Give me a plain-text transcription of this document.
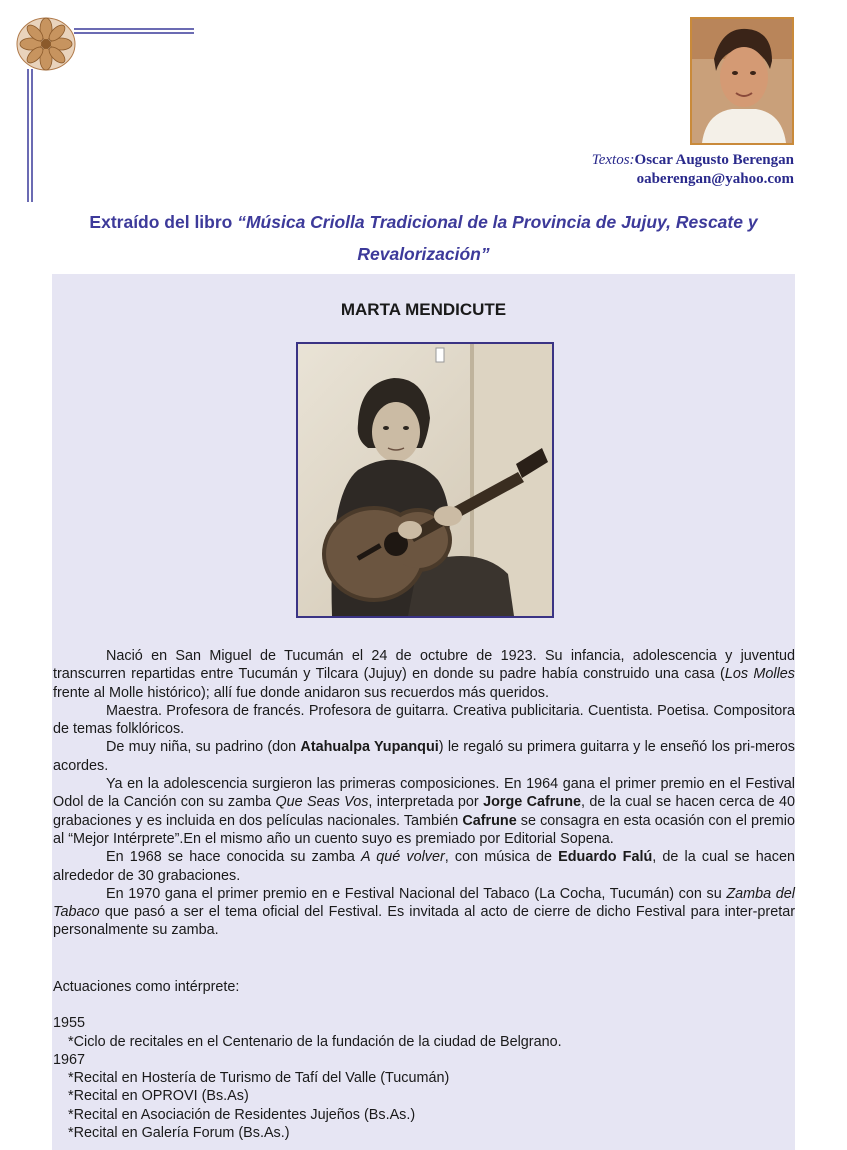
Textos:Oscar Augusto Berengan
oaberengan@yahoo.com
Extraído del libro “Música Criolla Tradicional de la Provincia de Jujuy, Rescate y Revalorización”
MARTA MENDICUTE

Nació en San Miguel de Tucumán el 24 de octubre de 1923. Su infancia, adolescencia y juventud transcurren repartidas entre Tucumán y Tilcara (Jujuy) en donde su padre había construido una casa (Los Molles frente al Molle histórico); allí fue donde anidaron sus recuerdos más queridos.

Maestra. Profesora de francés. Profesora de guitarra. Creativa publicitaria. Cuentista. Poetisa. Compositora de temas folklóricos.

De muy niña, su padrino (don Atahualpa Yupanqui) le regaló su primera guitarra y le enseñó los pri-meros acordes.

Ya en la adolescencia surgieron las primeras composiciones. En 1964 gana el primer premio en el Festival Odol de la Canción con su zamba Que Seas Vos, interpretada por Jorge Cafrune, de la cual se hacen cerca de 40 grabaciones y es incluida en dos películas nacionales. También Cafrune se consagra en esta ocasión con el premio al “Mejor Intérprete”.En el mismo año un cuento suyo es premiado por Editorial Sopena.

En 1968 se hace conocida su zamba A qué volver, con música de Eduardo Falú, de la cual se hacen alrededor de 30 grabaciones.

En 1970 gana el primer premio en e Festival Nacional del Tabaco (La Cocha, Tucumán) con su Zamba del Tabaco que pasó a ser el tema oficial del Festival. Es invitada al acto de cierre de dicho Festival para inter-pretar personalmente su zamba.

Actuaciones como intérprete:
1955
*Ciclo de recitales en el Centenario de la fundación de la ciudad de Belgrano.
1967
*Recital en Hostería de Turismo de Tafí del Valle (Tucumán)
*Recital en OPROVI (Bs.As)
*Recital en Asociación de Residentes Jujeños (Bs.As.)
*Recital en Galería Forum (Bs.As.)
